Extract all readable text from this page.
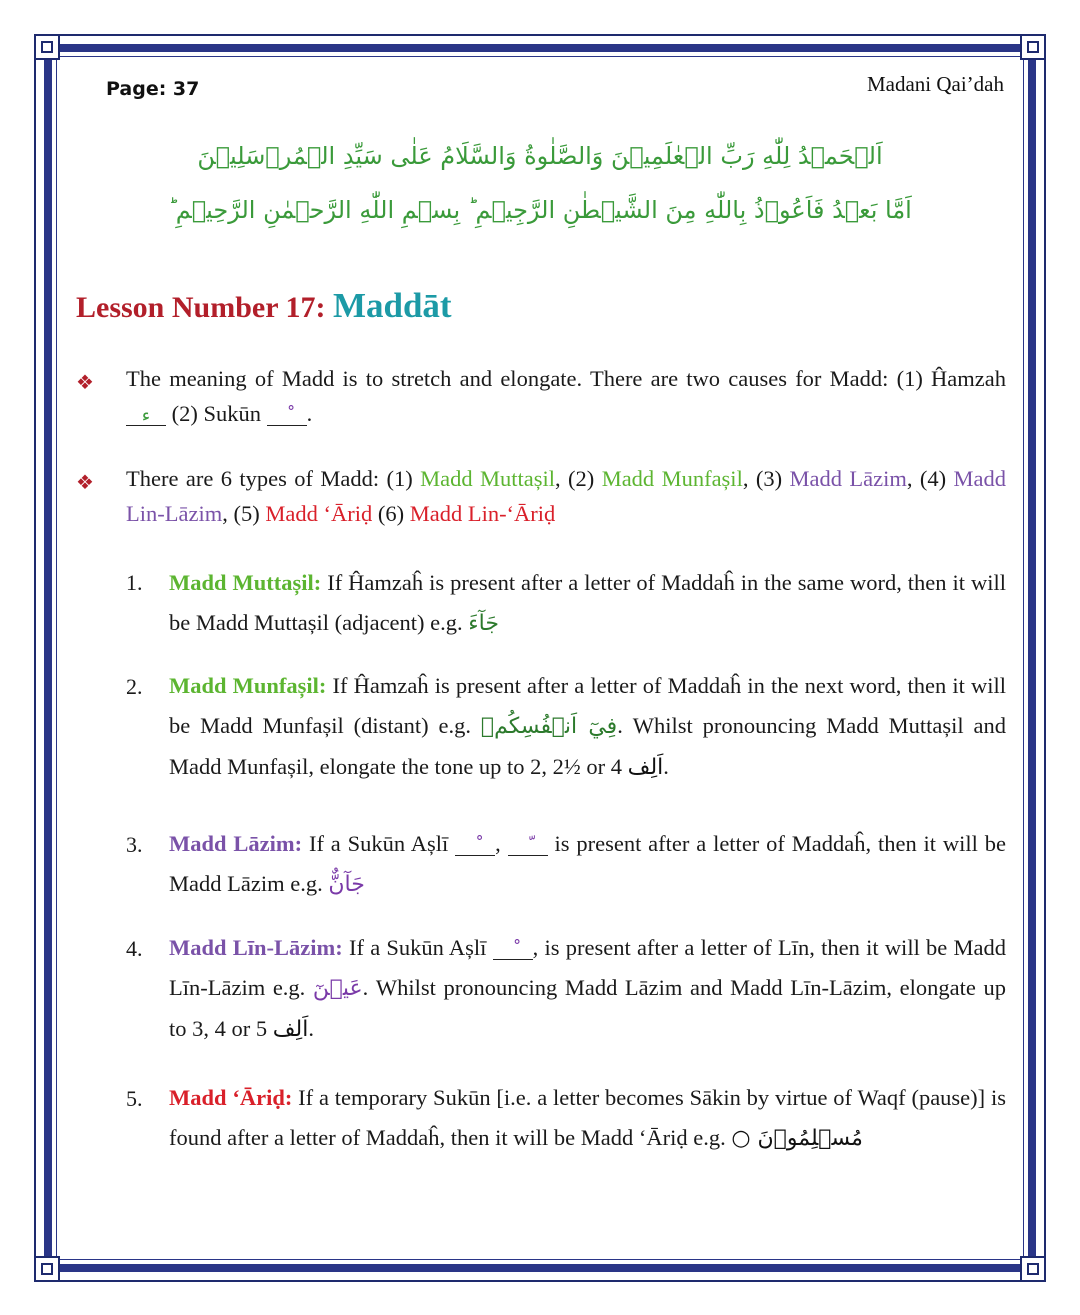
Page: 37	Madani Qai’dah
اَلۡحَمۡدُ لِلّٰهِ رَبِّ الۡعٰلَمِيۡنَ وَالصَّلٰوةُ وَالسَّلَامُ عَلٰى سَيِّدِ الۡمُرۡسَلِيۡنَ
اَمَّا بَعۡدُ فَاَعُوۡذُ بِاللّٰهِ مِنَ الشَّيۡطٰنِ الرَّجِيۡمِ ؕ بِسۡمِ اللّٰهِ الرَّحۡمٰنِ الرَّحِيۡمِ ؕ
Lesson Number 17: Maddāt
❖ The meaning of Madd is to stretch and elongate. There are two causes for Madd: (1) Ĥamzah ء (2) Sukūn .
❖ There are 6 types of Madd: (1) Madd Muttașil, (2) Madd Munfașil, (3) Madd Lāzim, (4) Madd Lin-Lāzim, (5) Madd ‘Āriḍ (6) Madd Lin-‘Āriḍ
1. Madd Muttașil: If Ĥamzaĥ is present after a letter of Maddaĥ in the same word, then it will be Madd Muttașil (adjacent) e.g. جَآءَ
2. Madd Munfașil: If Ĥamzaĥ is present after a letter of Maddaĥ in the next word, then it will be Madd Munfașil (distant) e.g. فِيٓ اَنۡفُسِكُمۡ. Whilst pronouncing Madd Muttașil and Madd Munfașil, elongate the tone up to 2, 2½ or 4 اَلِف.
3. Madd Lāzim: If a Sukūn Așlī ,  is present after a letter of Maddaĥ, then it will be Madd Lāzim e.g. جَآنٌّ
4. Madd Līn-Lāzim: If a Sukūn Așlī , is present after a letter of Līn, then it will be Madd Līn-Lāzim e.g. عَيۡنٓ. Whilst pronouncing Madd Lāzim and Madd Līn-Lāzim, elongate up to 3, 4 or 5 اَلِف.
5. Madd ‘Āriḍ: If a temporary Sukūn [i.e. a letter becomes Sākin by virtue of Waqf (pause)] is found after a letter of Maddaĥ, then it will be Madd ‘Āriḍ e.g. مُسۡلِمُوۡنَ ○
